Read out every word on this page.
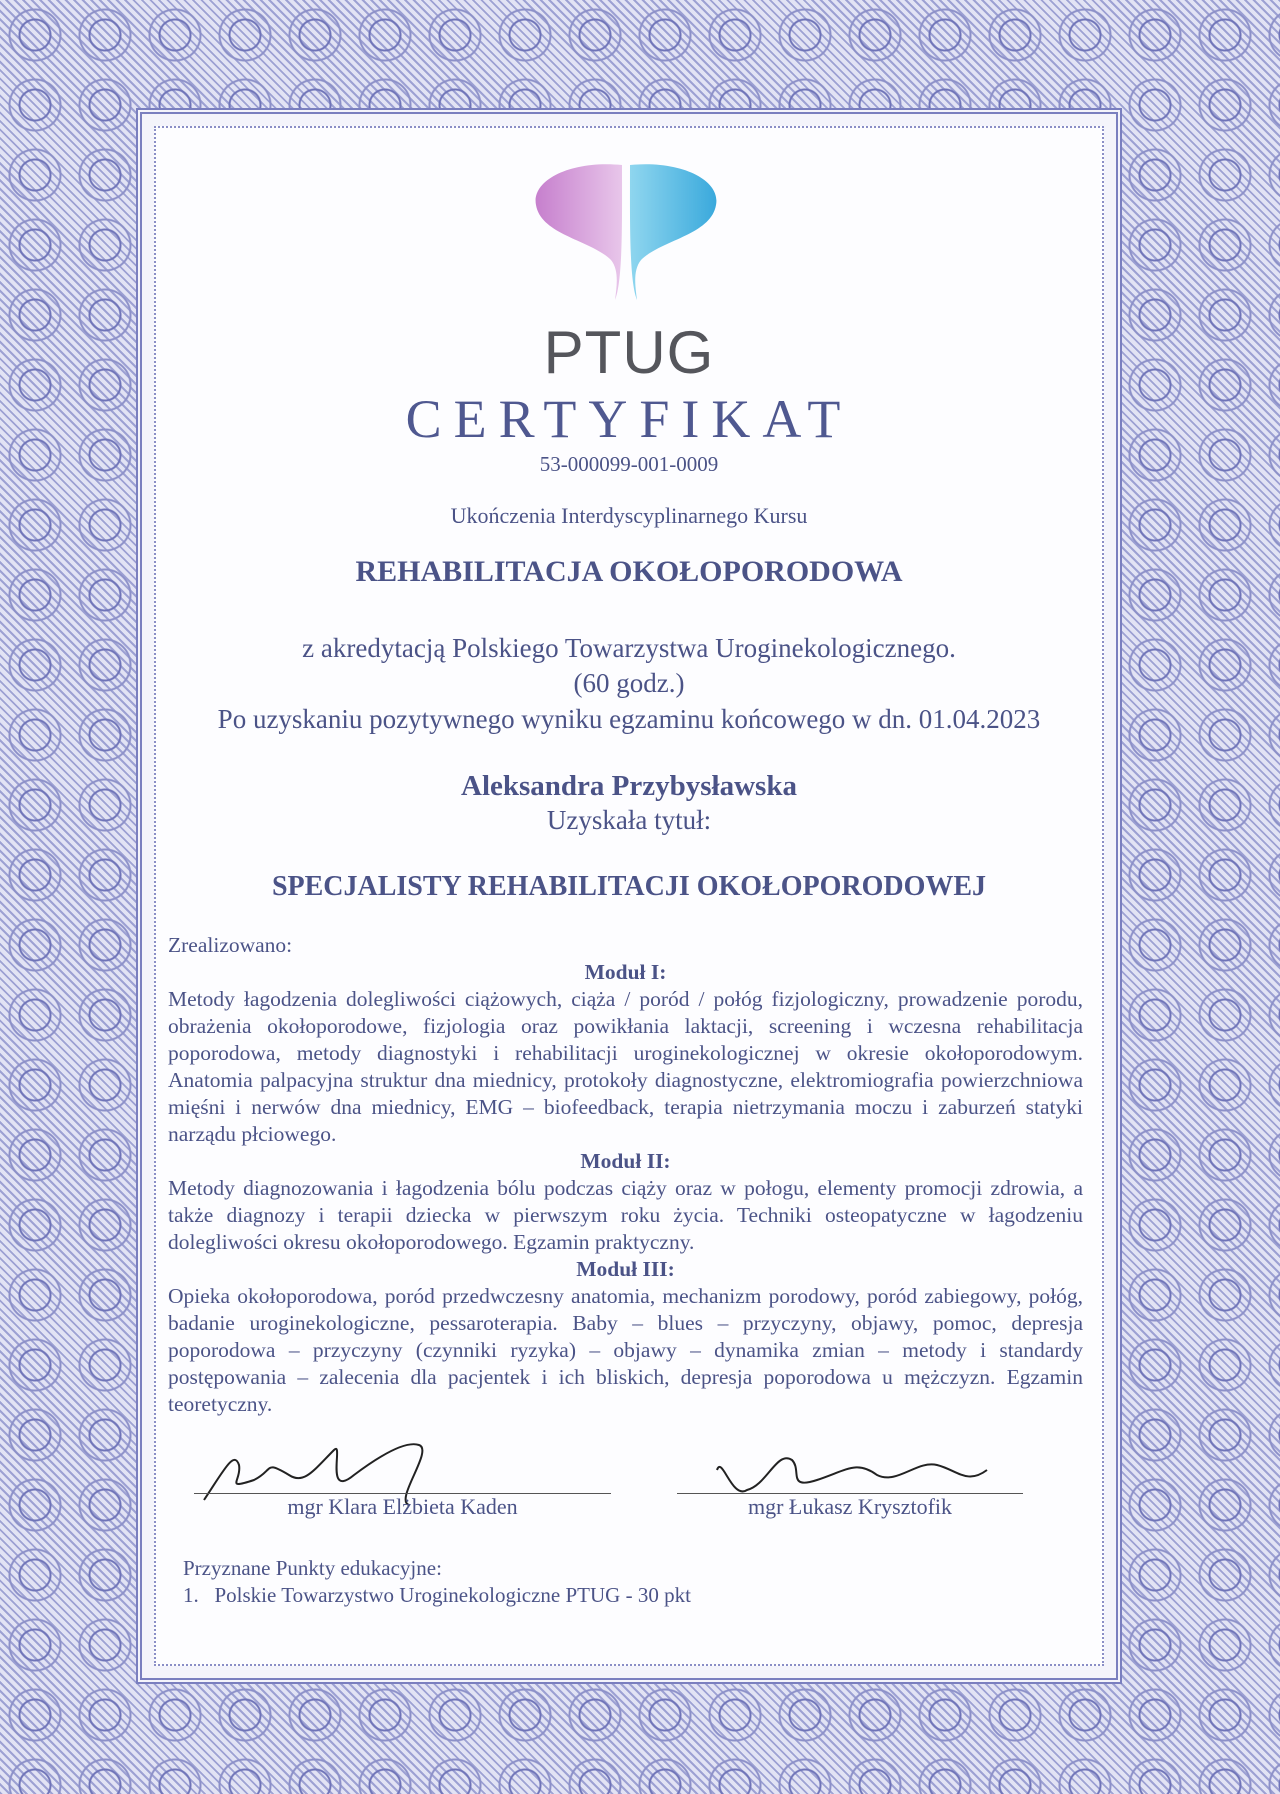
PTUG
CERTYFIKAT
53-000099-001-0009
Ukończenia Interdyscyplinarnego Kursu
REHABILITACJA OKOŁOPORODOWA
z akredytacją Polskiego Towarzystwa Uroginekologicznego.
(60 godz.)
Po uzyskaniu pozytywnego wyniku egzaminu końcowego w dn. 01.04.2023
Aleksandra Przybysławska
Uzyskała tytuł:
SPECJALISTY REHABILITACJI OKOŁOPORODOWEJ
Zrealizowano:
Moduł I:

Metody łagodzenia dolegliwości ciążowych, ciąża / poród / połóg fizjologiczny, prowadzenie porodu, obrażenia okołoporodowe, fizjologia oraz powikłania laktacji, screening i wczesna rehabilitacja poporodowa, metody diagnostyki i rehabilitacji uroginekologicznej w okresie okołoporodowym. Anatomia palpacyjna struktur dna miednicy, protokoły diagnostyczne, elektromiografia powierzchniowa mięśni i nerwów dna miednicy, EMG – biofeedback, terapia nietrzymania moczu i zaburzeń statyki narządu płciowego.

Moduł II:

Metody diagnozowania i łagodzenia bólu podczas ciąży oraz w połogu, elementy promocji zdrowia, a także diagnozy i terapii dziecka w pierwszym roku życia. Techniki osteopatyczne w łagodzeniu dolegliwości okresu okołoporodowego. Egzamin praktyczny.

Moduł III:

Opieka okołoporodowa, poród przedwczesny anatomia, mechanizm porodowy, poród zabiegowy, połóg, badanie uroginekologiczne, pessaroterapia. Baby – blues – przyczyny, objawy, pomoc, depresja poporodowa – przyczyny (czynniki ryzyka) – objawy – dynamika zmian – metody i standardy postępowania – zalecenia dla pacjentek i ich bliskich, depresja poporodowa u mężczyzn. Egzamin teoretyczny.

mgr Klara Elżbieta Kaden	mgr Łukasz Krysztofik
Przyznane Punkty edukacyjne:
1. Polskie Towarzystwo Uroginekologiczne PTUG - 30 pkt
